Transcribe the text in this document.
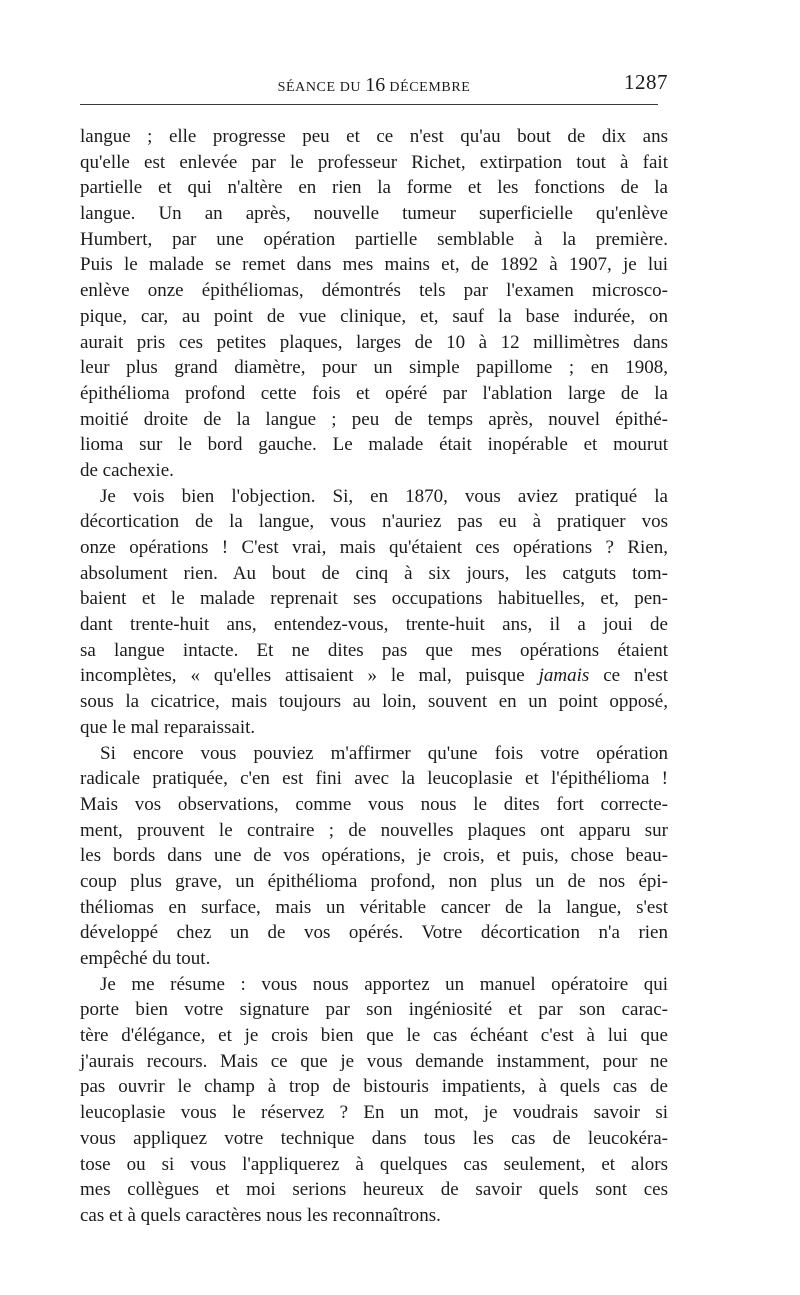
SÉANCE DU 16 DÉCEMBRE	1287
langue ; elle progresse peu et ce n'est qu'au bout de dix ans
qu'elle est enlevée par le professeur Richet, extirpation tout à fait
partielle et qui n'altère en rien la forme et les fonctions de la
langue. Un an après, nouvelle tumeur superficielle qu'enlève
Humbert, par une opération partielle semblable à la première.
Puis le malade se remet dans mes mains et, de 1892 à 1907, je lui
enlève onze épithéliomas, démontrés tels par l'examen microsco-
pique, car, au point de vue clinique, et, sauf la base indurée, on
aurait pris ces petites plaques, larges de 10 à 12 millimètres dans
leur plus grand diamètre, pour un simple papillome ; en 1908,
épithélioma profond cette fois et opéré par l'ablation large de la
moitié droite de la langue ; peu de temps après, nouvel épithé-
lioma sur le bord gauche. Le malade était inopérable et mourut
de cachexie.
Je vois bien l'objection. Si, en 1870, vous aviez pratiqué la
décortication de la langue, vous n'auriez pas eu à pratiquer vos
onze opérations ! C'est vrai, mais qu'étaient ces opérations ? Rien,
absolument rien. Au bout de cinq à six jours, les catguts tom-
baient et le malade reprenait ses occupations habituelles, et, pen-
dant trente-huit ans, entendez-vous, trente-huit ans, il a joui de
sa langue intacte. Et ne dites pas que mes opérations étaient
incomplètes, « qu'elles attisaient » le mal, puisque jamais ce n'est
sous la cicatrice, mais toujours au loin, souvent en un point opposé,
que le mal reparaissait.
Si encore vous pouviez m'affirmer qu'une fois votre opération
radicale pratiquée, c'en est fini avec la leucoplasie et l'épithélioma !
Mais vos observations, comme vous nous le dites fort correcte-
ment, prouvent le contraire ; de nouvelles plaques ont apparu sur
les bords dans une de vos opérations, je crois, et puis, chose beau-
coup plus grave, un épithélioma profond, non plus un de nos épi-
théliomas en surface, mais un véritable cancer de la langue, s'est
développé chez un de vos opérés. Votre décortication n'a rien
empêché du tout.
Je me résume : vous nous apportez un manuel opératoire qui
porte bien votre signature par son ingéniosité et par son carac-
tère d'élégance, et je crois bien que le cas échéant c'est à lui que
j'aurais recours. Mais ce que je vous demande instamment, pour ne
pas ouvrir le champ à trop de bistouris impatients, à quels cas de
leucoplasie vous le réservez ? En un mot, je voudrais savoir si
vous appliquez votre technique dans tous les cas de leucokéra-
tose ou si vous l'appliquerez à quelques cas seulement, et alors
mes collègues et moi serions heureux de savoir quels sont ces
cas et à quels caractères nous les reconnaîtrons.
